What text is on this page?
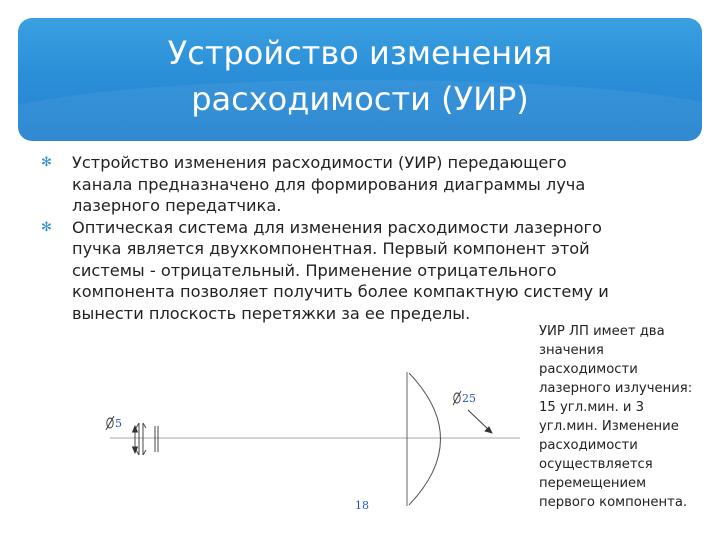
Устройство изменения
расходимости (УИР)
✻ Устройство изменения расходимости (УИР) передающего
канала предназначено для формирования диаграммы луча
лазерного передатчика.
✻ Оптическая система для изменения расходимости лазерного
пучка является двухкомпонентная. Первый компонент этой
системы - отрицательный. Применение отрицательного
компонента позволяет получить более компактную систему и
вынести плоскость перетяжки за ее пределы.
УИР ЛП имеет два
значения
расходимости
лазерного излучения:
15 угл.мин. и 3
угл.мин. Изменение
расходимости
осуществляется
перемещением
первого компонента.
5
25
18
